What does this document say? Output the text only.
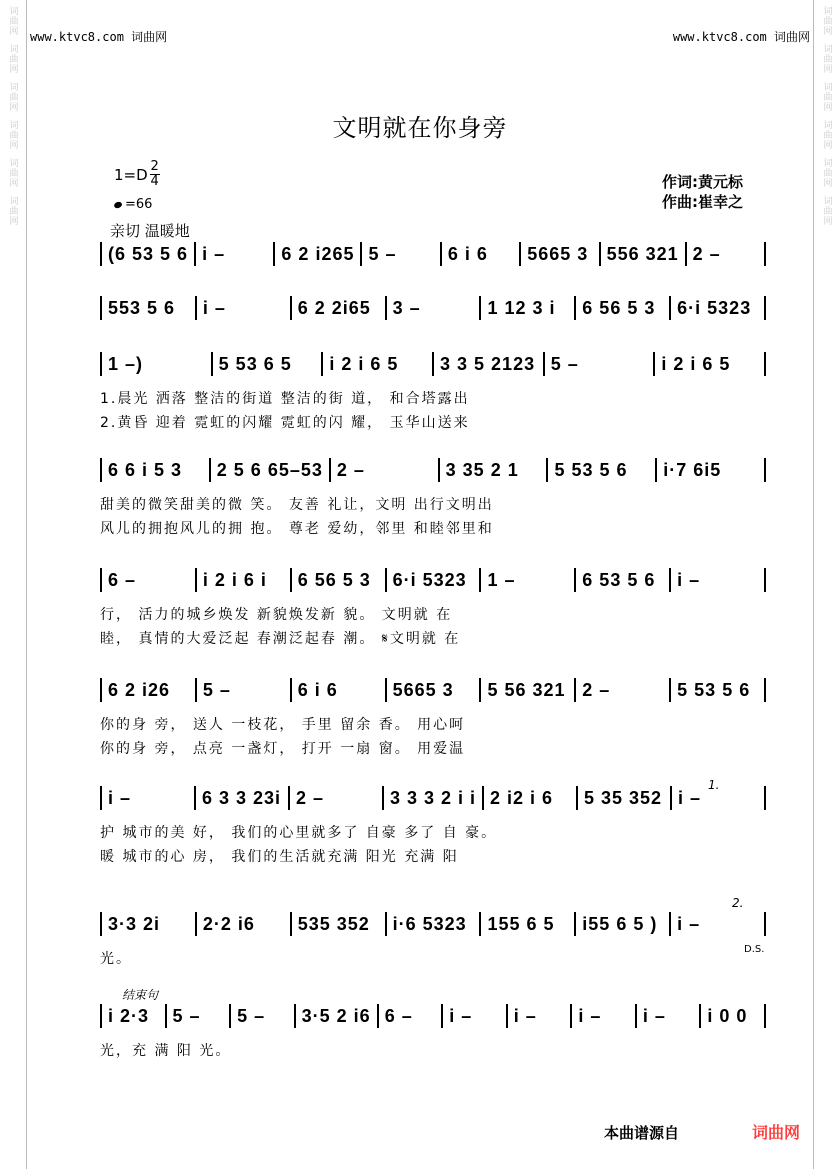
词曲网
词曲网
词曲网
词曲网
词曲网
词曲网
词曲网
词曲网
词曲网
词曲网
词曲网
词曲网
www.ktvc8.com 词曲网	www.ktvc8.com 词曲网
文明就在你身旁
$1=D \frac{2}{4}$
=66
亲切 温暖地
作词:黄元标
作曲:崔幸之
(6 53 5 6 i –	6 2 i265 5 –	6 i 6	5665 3	556 321 2 –
553 5 6	i –	6 2 2i65	3 –	1 12 3 i	6 56 5 3	6·i 5323
1 –)	5 53 6 5	i 2 i 6 5	3 3 5 2123 5 –	i 2 i 6 5
1.晨光 洒落 整洁的街道 整洁的街 道， 和合塔露出
2.黄昏 迎着 霓虹的闪耀 霓虹的闪 耀， 玉华山送来
6 6 i 5 3	2 5 6 65–53 2 –	3 35 2 1	5 53 5 6	i·7 6i5
甜美的微笑甜美的微 笑。 友善 礼让，文明 出行文明出
风儿的拥抱风儿的拥 抱。 尊老 爱幼，邻里 和睦邻里和
6 –	i 2 i 6 i	6 56 5 3	6·i 5323	1 –	6 53 5 6	i –
行， 活力的城乡焕发 新貌焕发新 貌。 文明就 在
睦， 真情的大爱泛起 春潮泛起春 潮。 𝄋文明就 在
6 2 i26	5 –	6 i 6	5665 3	5 56 321 2 –	5 53 5 6
你的身 旁， 送人 一枝花， 手里 留余 香。 用心呵
你的身 旁， 点亮 一盏灯， 打开 一扇 窗。 用爱温
i –	6 3 3 23i 2 –	3 3 3 2 i i 2 i2 i 6	5 35 352 i –
护 城市的美 好， 我们的心里就多了 自豪 多了 自 豪。
暖 城市的心 房， 我们的生活就充满 阳光 充满 阳
3·3 2i	2·2 i6	535 352	i·6 5323	155 6 5	i55 6 5 )	i –
光。
i 2·3	5 –	5 –	3·5 2 i6 6 –	i –	i –	i –	i –	i 0 0
光，充 满 阳 光。
本曲谱源自	词曲网
1.
2.
D.S.
结束句
